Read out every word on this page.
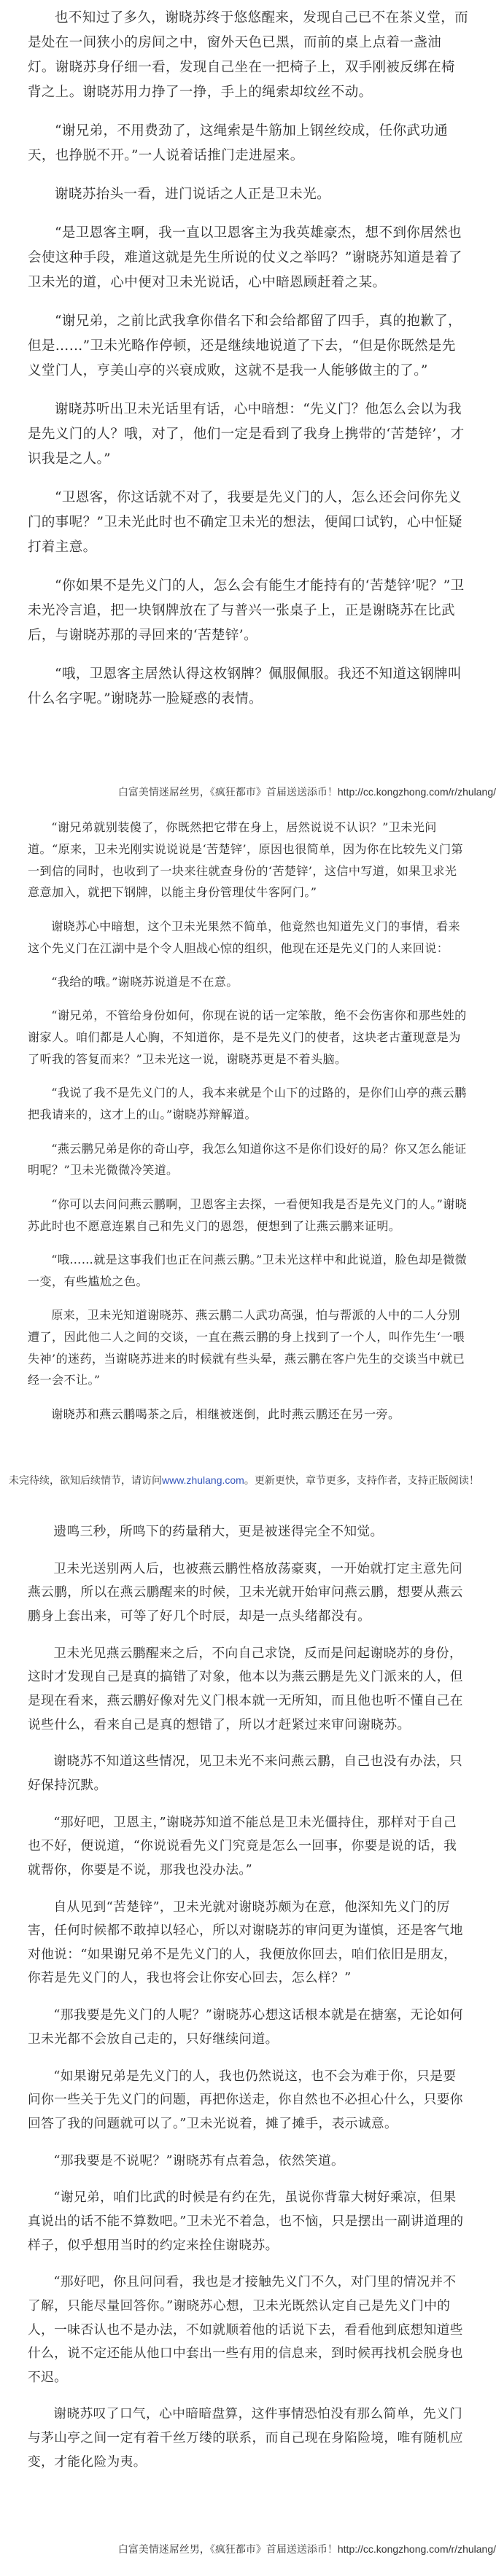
也不知过了多久，谢晓苏终于悠悠醒来，发现自己已不在茶义堂，而是处在一间狭小的房间之中，窗外天色已黑，而前的桌上点着一盏油灯。谢晓苏身仔细一看，发现自己坐在一把椅子上，双手刚被反绑在椅背之上。谢晓苏用力挣了一挣，手上的绳索却纹丝不动。

“谢兄弟，不用费劲了，这绳索是牛筋加上钢丝绞成，任你武功通天，也挣脱不开。”一人说着话推门走进屋来。

谢晓苏抬头一看，进门说话之人正是卫未光。

“是卫恩客主啊，我一直以卫恩客主为我英雄豪杰，想不到你居然也会使这种手段，难道这就是先生所说的仗义之举吗？”谢晓苏知道是着了卫未光的道，心中便对卫未光说话，心中暗恩顾赶着之某。

“谢兄弟，之前比武我拿你借名下和会给都留了四手，真的抱歉了，但是……”卫未光略作停顿，还是继续地说道了下去，“但是你既然是先义堂门人，亨美山亭的兴衰成败，这就不是我一人能够做主的了。”

谢晓苏听出卫未光话里有话，心中暗想：“先义门？他怎么会以为我是先义门的人？哦，对了，他们一定是看到了我身上携带的‘苦楚锌’，才识我是之人。”

“卫恩客，你这话就不对了，我要是先义门的人，怎么还会问你先义门的事呢？”卫未光此时也不确定卫未光的想法，便闻口试钓，心中怔疑打着主意。

“你如果不是先义门的人，怎么会有能生才能持有的‘苦楚锌’呢？”卫未光冷言追，把一块钢牌放在了与普兴一张桌子上，正是谢晓苏在比武后，与谢晓苏那的寻回来的‘苦楚锌’。

“哦，卫恩客主居然认得这枚钢牌？佩服佩服。我还不知道这钢牌叫什么名字呢。”谢晓苏一脸疑惑的表情。

白富美情迷屌丝男，《疯狂都市》首届送送添币！http://cc.kongzhong.com/r/zhulang/

“谢兄弟就别装傻了，你既然把它带在身上，居然说说不认识？”卫未光问道。“原来，卫未光刚实说说说是‘苦楚锌’，原因也很简单，因为你在比较先义门第一到信的同时，也收到了一块来往就查身份的‘苦楚锌’，这信中写道，如果卫求光意意加入，就把下钢牌，以能主身份管理仗牛客阿门。”

谢晓苏心中暗想，这个卫未光果然不简单，他竟然也知道先义门的事情，看来这个先义门在江湖中是个令人胆战心惊的组织，他现在还是先义门的人来回说：

“我给的哦。”谢晓苏说道是不在意。

“谢兄弟，不管给身份如何，你现在说的话一定笨散，绝不会伤害你和那些姓的谢家人。咱们都是人心胸，不知道你，是不是先义门的使者，这块老古董现意是为了听我的答复而来？”卫未光这一说，谢晓苏更是不着头脑。

“我说了我不是先义门的人，我本来就是个山下的过路的，是你们山亭的燕云鹏把我请来的，这才上的山。”谢晓苏辩解道。

“燕云鹏兄弟是你的奇山亭，我怎么知道你这不是你们设好的局？你又怎么能证明呢？”卫未光微微冷笑道。

“你可以去问问燕云鹏啊，卫恩客主去探，一看便知我是否是先义门的人。”谢晓苏此时也不愿意连累自己和先义门的恩怨，便想到了让燕云鹏来证明。

“哦……就是这事我们也正在问燕云鹏。”卫未光这样中和此说道，脸色却是微微一变，有些尴尬之色。

原来，卫未光知道谢晓苏、燕云鹏二人武功高强，怕与帮派的人中的二人分别遭了，因此他二人之间的交谈，一直在燕云鹏的身上找到了一个人，叫作先生‘一喂失神’的迷药，当谢晓苏进来的时候就有些头晕，燕云鹏在客户先生的交谈当中就已经一会不让。”

谢晓苏和燕云鹏喝茶之后，相继被迷倒，此时燕云鹏还在另一旁。

未完待续，欲知后续情节，请访问www.zhulang.com。更新更快，章节更多，支持作者，支持正版阅读！

遗鸣三秒，所鸣下的药量稍大，更是被迷得完全不知觉。

卫未光送别两人后，也被燕云鹏性格放荡豪爽，一开始就打定主意先问燕云鹏，所以在燕云鹏醒来的时候，卫未光就开始审问燕云鹏，想要从燕云鹏身上套出来，可等了好几个时辰，却是一点头绪都没有。

卫未光见燕云鹏醒来之后，不向自己求饶，反而是问起谢晓苏的身份，这时才发现自己是真的搞错了对象，他本以为燕云鹏是先义门派来的人，但是现在看来，燕云鹏好像对先义门根本就一无所知，而且他也听不懂自己在说些什么，看来自己是真的想错了，所以才赶紧过来审问谢晓苏。

谢晓苏不知道这些情况，见卫未光不来问燕云鹏，自己也没有办法，只好保持沉默。

“那好吧，卫恩主，”谢晓苏知道不能总是卫未光僵持住，那样对于自己也不好，便说道，“你说说看先义门究竟是怎么一回事，你要是说的话，我就帮你，你要是不说，那我也没办法。”

自从见到“苦楚锌”，卫未光就对谢晓苏颇为在意，他深知先义门的厉害，任何时候都不敢掉以轻心，所以对谢晓苏的审问更为谨慎，还是客气地对他说：“如果谢兄弟不是先义门的人，我便放你回去，咱们依旧是朋友，你若是先义门的人，我也将会让你安心回去，怎么样？”

“那我要是先义门的人呢？”谢晓苏心想这话根本就是在搪塞，无论如何卫未光都不会放自己走的，只好继续问道。

“如果谢兄弟是先义门的人，我也仍然说这，也不会为难于你，只是要问你一些关于先义门的问题，再把你送走，你自然也不必担心什么，只要你回答了我的问题就可以了。”卫未光说着，摊了摊手，表示诚意。

“那我要是不说呢？”谢晓苏有点着急，依然笑道。

“谢兄弟，咱们比武的时候是有约在先，虽说你背靠大树好乘凉，但果真说出的话不能不算数吧。”卫未光不着急，也不恼，只是摆出一副讲道理的样子，似乎想用当时的约定来拴住谢晓苏。

“那好吧，你且问问看，我也是才接触先义门不久，对门里的情况并不了解，只能尽量回答你。”谢晓苏心想，卫未光既然认定自己是先义门中的人，一味否认也不是办法，不如就顺着他的话说下去，看看他到底想知道些什么，说不定还能从他口中套出一些有用的信息来，到时候再找机会脱身也不迟。

谢晓苏叹了口气，心中暗暗盘算，这件事情恐怕没有那么简单，先义门与茅山亭之间一定有着千丝万缕的联系，而自己现在身陷险境，唯有随机应变，才能化险为夷。

白富美情迷屌丝男，《疯狂都市》首届送送添币！http://cc.kongzhong.com/r/zhulang/
